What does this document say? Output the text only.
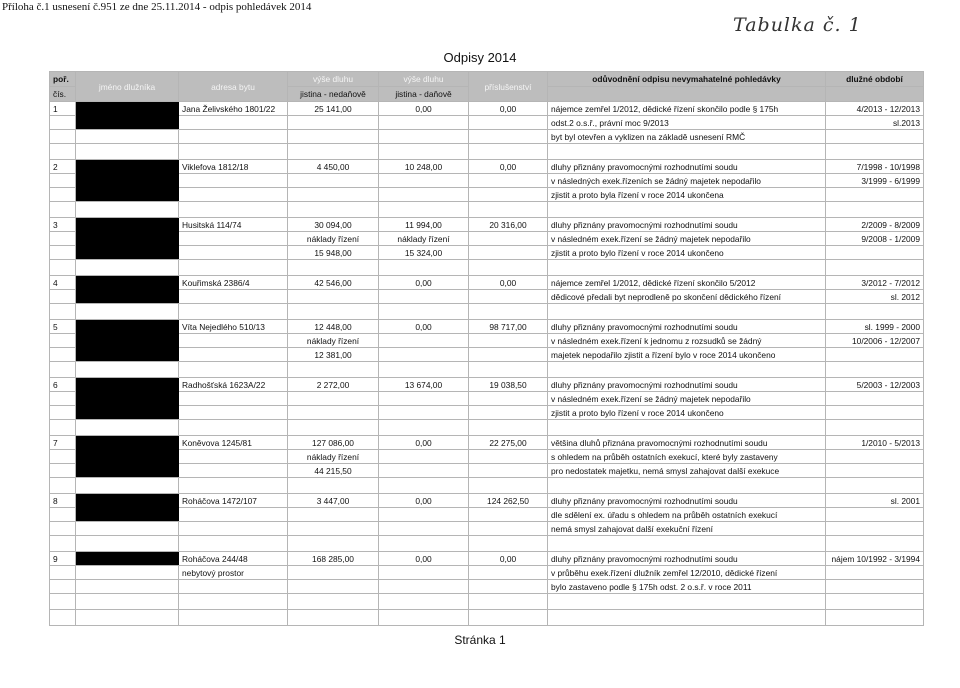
Příloha č.1 usnesení č.951 ze dne 25.11.2014 - odpis pohledávek 2014
Tabulka č. 1
Odpisy 2014
poř.	jméno dlužníka	adresa bytu	výše dluhu	výše dluhu	příslušenství	odůvodnění odpisu nevymahatelné pohledávky	dlužné období
čís.			jistina - nedaňově	jistina - daňově			
1		Jana Želivského 1801/22	25 141,00	0,00	0,00	nájemce zemřel 1/2012, dědické řízení skončilo podle § 175h	4/2013 - 12/2013
						odst.2 o.s.ř., právní moc 9/2013	sl.2013
						byt byl otevřen a vyklizen na základě usnesení RMČ	

2		Viklefova 1812/18	4 450,00	10 248,00	0,00	dluhy přiznány pravomocnými rozhodnutími soudu	7/1998 - 10/1998
						v následných exek.řízeních se žádný majetek nepodařilo	3/1999 - 6/1999
						zjistit a proto byla řízení v roce 2014 ukončena	

3		Husitská 114/74	30 094,00	11 994,00	20 316,00	dluhy přiznány pravomocnými rozhodnutími soudu	2/2009 - 8/2009
			náklady řízení	náklady řízení		v následném exek.řízení se žádný majetek nepodařilo	9/2008 - 1/2009
			15 948,00	15 324,00		zjistit a proto bylo řízení v roce 2014 ukončeno	

4		Kouřimská 2386/4	42 546,00	0,00	0,00	nájemce zemřel 1/2012, dědické řízení skončilo 5/2012	3/2012 - 7/2012
						dědicové předali byt neprodleně po skončení dědického řízení	sl. 2012

5		Víta Nejedlého 510/13	12 448,00	0,00	98 717,00	dluhy přiznány pravomocnými rozhodnutími soudu	sl. 1999 - 2000
			náklady řízení			v následném exek.řízení k jednomu z rozsudků se žádný	10/2006 - 12/2007
			12 381,00			majetek nepodařilo zjistit a řízení bylo v roce 2014 ukončeno	

6		Radhošťská 1623A/22	2 272,00	13 674,00	19 038,50	dluhy přiznány pravomocnými rozhodnutími soudu	5/2003 - 12/2003
						v následném exek.řízení se žádný majetek nepodařilo	
						zjistit a proto bylo řízení v roce 2014 ukončeno	

7		Koněvova 1245/81	127 086,00	0,00	22 275,00	většina dluhů přiznána pravomocnými rozhodnutími soudu	1/2010 - 5/2013
			náklady řízení			s ohledem na průběh ostatních exekucí, které byly zastaveny	
			44 215,50			pro nedostatek majetku, nemá smysl zahajovat další exekuce	

8		Roháčova 1472/107	3 447,00	0,00	124 262,50	dluhy přiznány pravomocnými rozhodnutími soudu	sl. 2001
						dle sdělení ex. úřadu s ohledem na průběh ostatních exekucí	
						nemá smysl zahajovat další exekuční řízení	

9		Roháčova 244/48	168 285,00	0,00	0,00	dluhy přiznány pravomocnými rozhodnutími soudu	nájem 10/1992 - 3/1994
		nebytový prostor				v průběhu exek.řízení dlužník zemřel 12/2010, dědické řízení	
						bylo zastaveno podle § 175h odst. 2 o.s.ř. v roce 2011	

Stránka 1
